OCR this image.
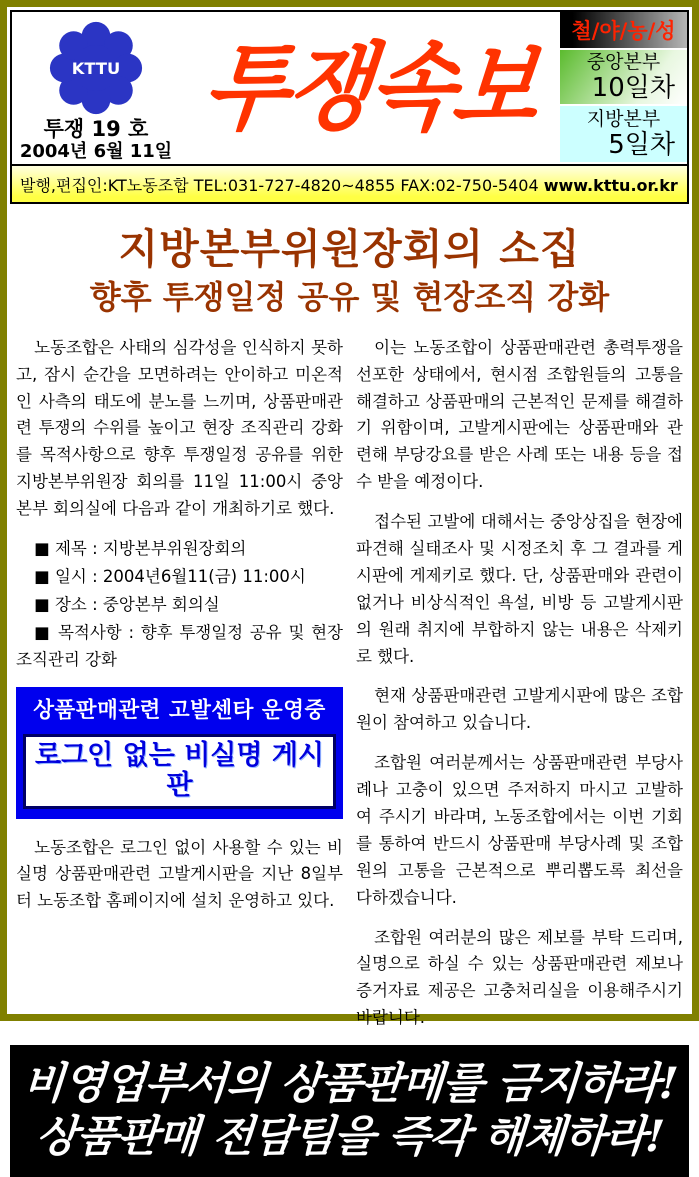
KTTU
투쟁 19 호
2004년 6월 11일
투쟁속보
철/야/농/성
중앙본부
10일차
지방본부
5일차
발행,편집인:KT노동조합 TEL:031-727-4820~4855 FAX:02-750-5404 www.kttu.or.kr
지방본부위원장회의 소집
향후 투쟁일정 공유 및 현장조직 강화

노동조합은 사태의 심각성을 인식하지 못하고, 잠시 순간을 모면하려는 안이하고 미온적인 사측의 태도에 분노를 느끼며, 상품판매관련 투쟁의 수위를 높이고 현장 조직관리 강화를 목적사항으로 향후 투쟁일정 공유를 위한 지방본부위원장 회의를 11일 11:00시 중앙본부 회의실에 다음과 같이 개최하기로 했다.

■ 제목 : 지방본부위원장회의

■ 일시 : 2004년6월11(금) 11:00시

■ 장소 : 중앙본부 회의실

■ 목적사항 : 향후 투쟁일정 공유 및 현장 조직관리 강화

상품판매관련 고발센타 운영중
로그인 없는 비실명 게시판

노동조합은 로그인 없이 사용할 수 있는 비실명 상품판매관련 고발게시판을 지난 8일부터 노동조합 홈페이지에 설치 운영하고 있다.

이는 노동조합이 상품판매관련 총력투쟁을 선포한 상태에서, 현시점 조합원들의 고통을 해결하고 상품판매의 근본적인 문제를 해결하기 위함이며, 고발게시판에는 상품판매와 관련해 부당강요를 받은 사례 또는 내용 등을 접수 받을 예정이다.

접수된 고발에 대해서는 중앙상집을 현장에 파견해 실태조사 및 시정조치 후 그 결과를 게시판에 게제키로 했다. 단, 상품판매와 관련이 없거나 비상식적인 욕설, 비방 등 고발게시판의 원래 취지에 부합하지 않는 내용은 삭제키로 했다.

현재 상품판매관련 고발게시판에 많은 조합원이 참여하고 있습니다.

조합원 여러분께서는 상품판매관련 부당사례나 고충이 있으면 주저하지 마시고 고발하여 주시기 바라며, 노동조합에서는 이번 기회를 통하여 반드시 상품판매 부당사례 및 조합원의 고통을 근본적으로 뿌리뽑도록 최선을 다하겠습니다.

조합원 여러분의 많은 제보를 부탁 드리며, 실명으로 하실 수 있는 상품판매관련 제보나 증거자료 제공은 고충처리실을 이용해주시기 바랍니다.

비영업부서의 상품판메를 금지하라!
상품판매 전담팀을 즉각 해체하라!
